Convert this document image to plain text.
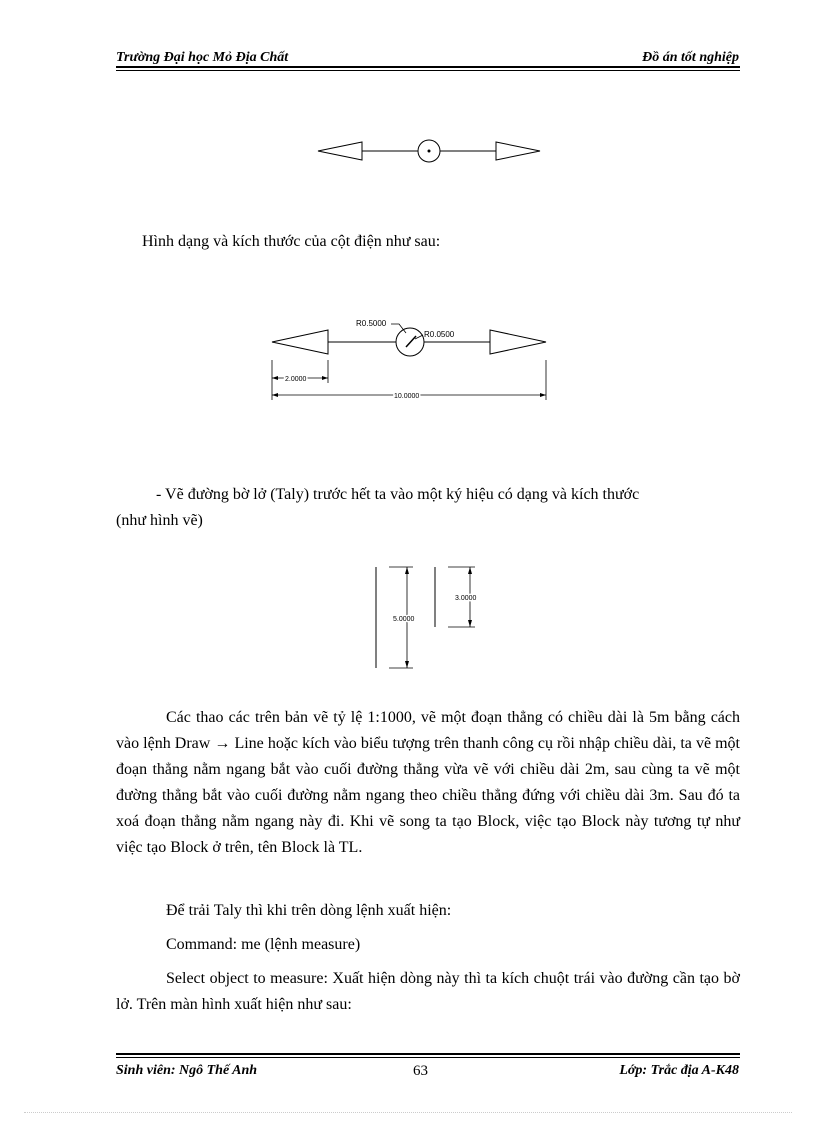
Trường Đại học Mỏ Địa Chất	Đồ án tốt nghiệp
Hình dạng và kích thước của cột điện như sau:
R0.5000
R0.0500
2.0000
10.0000
- Vẽ đường bờ lở (Taly) trước hết ta vào một ký hiệu có dạng và kích thước
(như hình vẽ)
5.0000
3.0000
Các thao các trên bản vẽ tỷ lệ 1:1000, vẽ một đoạn thẳng có chiều dài là 5m bằng cách vào lệnh Draw → Line hoặc kích vào biểu tượng trên thanh công cụ rồi nhập chiều dài, ta vẽ một đoạn thẳng nằm ngang bắt vào cuối đường thẳng vừa vẽ với chiều dài 2m, sau cùng ta vẽ một đường thẳng bắt vào cuối đường nằm ngang theo chiều thẳng đứng với chiều dài 3m. Sau đó ta xoá đoạn thẳng nằm ngang này đi. Khi vẽ song ta tạo Block, việc tạo Block này tương tự như việc tạo Block ở trên, tên Block là TL.
Để trải Taly thì khi trên dòng lệnh xuất hiện:
Command: me (lệnh measure)
Select object to measure: Xuất hiện dòng này thì ta kích chuột trái vào đường cần tạo bờ lở. Trên màn hình xuất hiện như sau:
Sinh viên: Ngô Thế Anh	63	Lớp: Trắc địa A-K48
